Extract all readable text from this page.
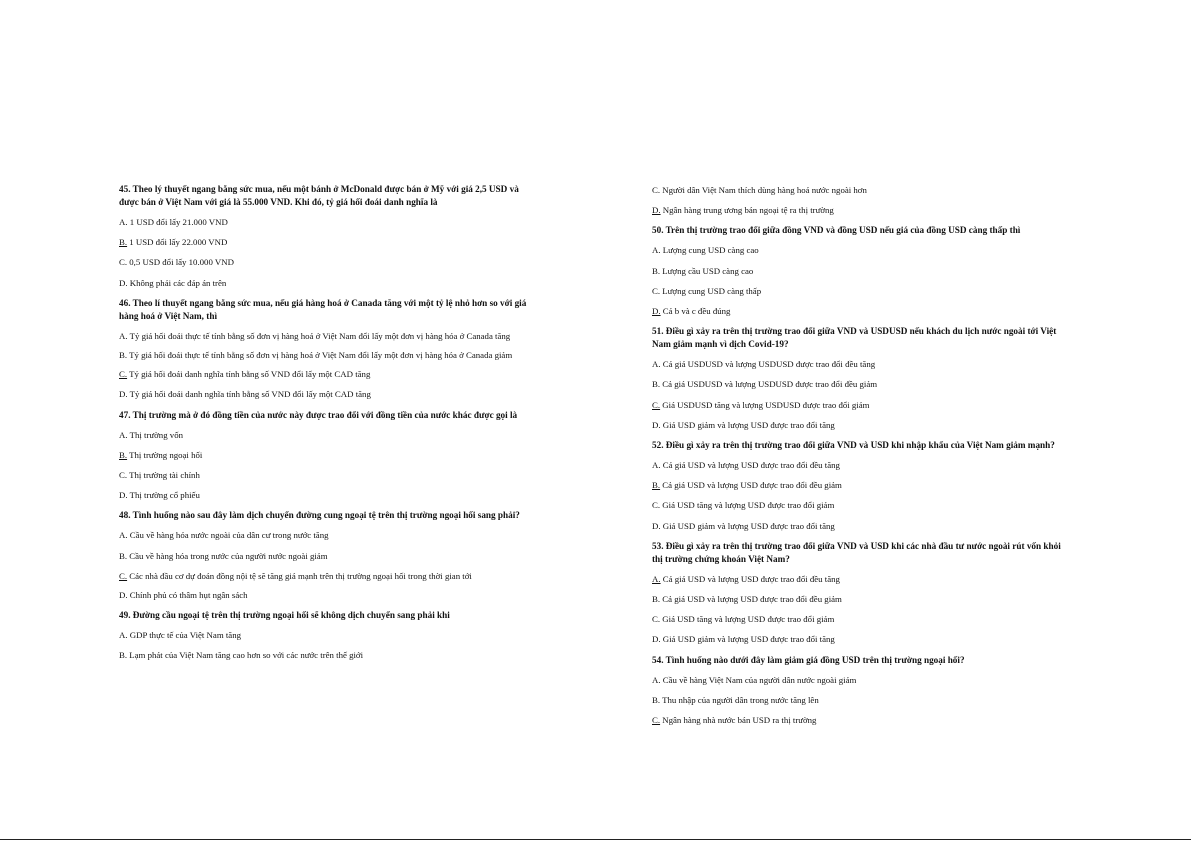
45. Theo lý thuyết ngang bằng sức mua, nếu một bánh ở McDonald được bán ở Mỹ với giá 2,5 USD và được bán ở Việt Nam với giá là 55.000 VND. Khi đó, tỷ giá hối đoái danh nghĩa là

A. 1 USD đổi lấy 21.000 VND

B. 1 USD đổi lấy 22.000 VND

C. 0,5 USD đổi lấy 10.000 VND

D. Không phải các đáp án trên

46. Theo lí thuyết ngang bằng sức mua, nếu giá hàng hoá ở Canada tăng với một tỷ lệ nhỏ hơn so với giá hàng hoá ở Việt Nam, thì

A. Tỷ giá hối đoái thực tế tính bằng số đơn vị hàng hoá ở Việt Nam đổi lấy một đơn vị hàng hóa ở Canada tăng

B. Tỷ giá hối đoái thực tế tính bằng số đơn vị hàng hoá ở Việt Nam đổi lấy một đơn vị hàng hóa ở Canada giảm

C. Tỷ giá hối đoái danh nghĩa tính bằng số VND đổi lấy một CAD tăng

D. Tỷ giá hối đoái danh nghĩa tính bằng số VND đổi lấy một CAD tăng

47. Thị trường mà ở đó đồng tiền của nước này được trao đổi với đồng tiền của nước khác được gọi là

A. Thị trường vốn

B. Thị trường ngoại hối

C. Thị trường tài chính

D. Thị trường cổ phiếu

48. Tình huống nào sau đây làm dịch chuyển đường cung ngoại tệ trên thị trường ngoại hối sang phải?

A. Cầu về hàng hóa nước ngoài của dân cư trong nước tăng

B. Cầu về hàng hóa trong nước của người nước ngoài giảm

C. Các nhà đầu cơ dự đoán đồng nội tệ sẽ tăng giá mạnh trên thị trường ngoại hối trong thời gian tới

D. Chính phủ có thâm hụt ngân sách

49. Đường cầu ngoại tệ trên thị trường ngoại hối sẽ không dịch chuyển sang phải khi

A. GDP thực tế của Việt Nam tăng

B. Lạm phát của Việt Nam tăng cao hơn so với các nước trên thế giới

C. Người dân Việt Nam thích dùng hàng hoá nước ngoài hơn

D. Ngân hàng trung ương bán ngoại tệ ra thị trường

50. Trên thị trường trao đổi giữa đồng VND và đồng USD nếu giá của đồng USD càng thấp thì

A. Lượng cung USD càng cao

B. Lượng cầu USD càng cao

C. Lượng cung USD càng thấp

D. Cả b và c đều đúng

51. Điều gì xảy ra trên thị trường trao đổi giữa VND và USDUSD nếu khách du lịch nước ngoài tới Việt Nam giảm mạnh vì dịch Covid-19?

A. Cả giá USDUSD và lượng USDUSD được trao đổi đều tăng

B. Cả giá USDUSD và lượng USDUSD được trao đổi đều giảm

C. Giá USDUSD tăng và lượng USDUSD được trao đổi giảm

D. Giá USD giảm và lượng USD được trao đổi tăng

52. Điều gì xảy ra trên thị trường trao đổi giữa VND và USD khi nhập khẩu của Việt Nam giảm mạnh?

A. Cả giá USD và lượng USD được trao đổi đều tăng

B. Cả giá USD và lượng USD được trao đổi đều giảm

C. Giá USD tăng và lượng USD được trao đổi giảm

D. Giá USD giảm và lượng USD được trao đổi tăng

53. Điều gì xảy ra trên thị trường trao đổi giữa VND và USD khi các nhà đầu tư nước ngoài rút vốn khỏi thị trường chứng khoán Việt Nam?

A. Cả giá USD và lượng USD được trao đổi đều tăng

B. Cả giá USD và lượng USD được trao đổi đều giảm

C. Giá USD tăng và lượng USD được trao đổi giảm

D. Giá USD giảm và lượng USD được trao đổi tăng

54. Tình huống nào dưới đây làm giảm giá đồng USD trên thị trường ngoại hối?

A. Cầu về hàng Việt Nam của người dân nước ngoài giảm

B. Thu nhập của người dân trong nước tăng lên

C. Ngân hàng nhà nước bán USD ra thị trường
